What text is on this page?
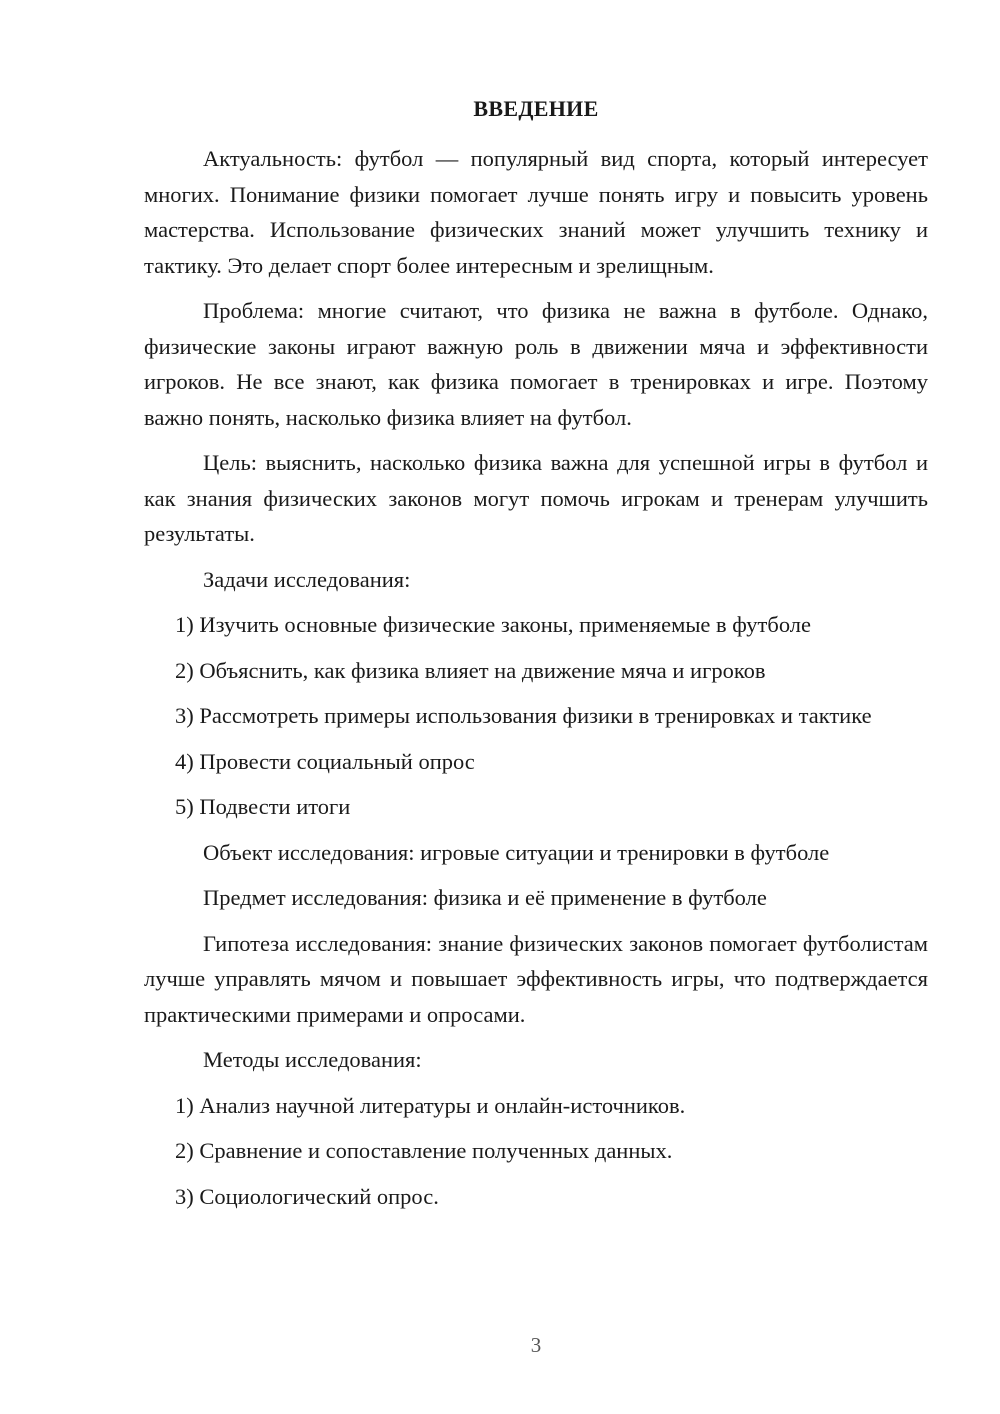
ВВЕДЕНИЕ

Актуальность: футбол — популярный вид спорта, который интересует многих. Понимание физики помогает лучше понять игру и повысить уровень мастерства. Использование физических знаний может улучшить технику и тактику. Это делает спорт более интересным и зрелищным.

Проблема: многие считают, что физика не важна в футболе. Однако, физические законы играют важную роль в движении мяча и эффективности игроков. Не все знают, как физика помогает в тренировках и игре. Поэтому важно понять, насколько физика влияет на футбол.

Цель: выяснить, насколько физика важна для успешной игры в футбол и как знания физических законов могут помочь игрокам и тренерам улучшить результаты.

Задачи исследования:

1) Изучить основные физические законы, применяемые в футболе

2) Объяснить, как физика влияет на движение мяча и игроков

3) Рассмотреть примеры использования физики в тренировках и тактике

4) Провести социальный опрос

5) Подвести итоги

Объект исследования: игровые ситуации и тренировки в футболе

Предмет исследования: физика и её применение в футболе

Гипотеза исследования: знание физических законов помогает футболистам лучше управлять мячом и повышает эффективность игры, что подтверждается практическими примерами и опросами.

Методы исследования:

1) Анализ научной литературы и онлайн-источников.

2) Сравнение и сопоставление полученных данных.

3) Социологический опрос.

3
